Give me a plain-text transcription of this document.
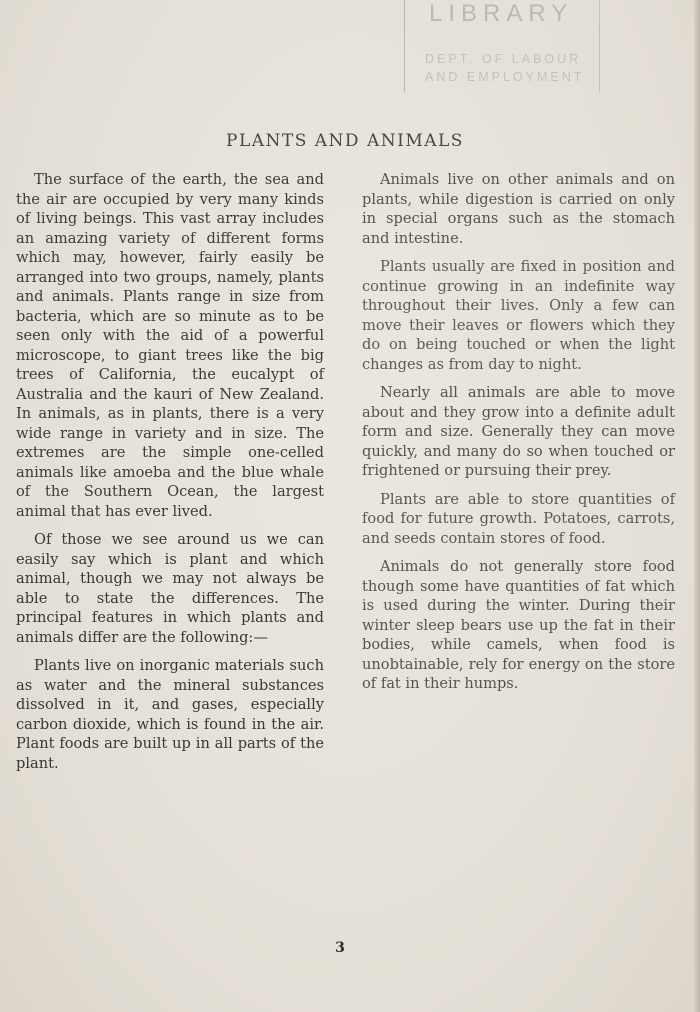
LIBRARY
DEPT. OF LABOUR AND EMPLOYMENT
PLANTS AND ANIMALS

The surface of the earth, the sea and the air are occupied by very many kinds of living beings. This vast array includes an amazing variety of different forms which may, however, fairly easily be arranged into two groups, namely, plants and animals. Plants range in size from bacteria, which are so minute as to be seen only with the aid of a powerful microscope, to giant trees like the big trees of California, the eucalypt of Australia and the kauri of New Zealand. In animals, as in plants, there is a very wide range in variety and in size. The extremes are the simple one-celled animals like amoeba and the blue whale of the Southern Ocean, the largest animal that has ever lived.

Of those we see around us we can easily say which is plant and which animal, though we may not always be able to state the differences. The principal features in which plants and animals differ are the following:—

Plants live on inorganic materials such as water and the mineral substances dissolved in it, and gases, especially carbon dioxide, which is found in the air. Plant foods are built up in all parts of the plant.

Animals live on other animals and on plants, while digestion is carried on only in special organs such as the stomach and intestine.

Plants usually are fixed in position and continue growing in an indefinite way throughout their lives. Only a few can move their leaves or flowers which they do on being touched or when the light changes as from day to night.

Nearly all animals are able to move about and they grow into a definite adult form and size. Generally they can move quickly, and many do so when touched or frightened or pursuing their prey.

Plants are able to store quantities of food for future growth. Potatoes, carrots, and seeds contain stores of food.

Animals do not generally store food though some have quantities of fat which is used during the winter. During their winter sleep bears use up the fat in their bodies, while camels, when food is unobtainable, rely for energy on the store of fat in their humps.

3
